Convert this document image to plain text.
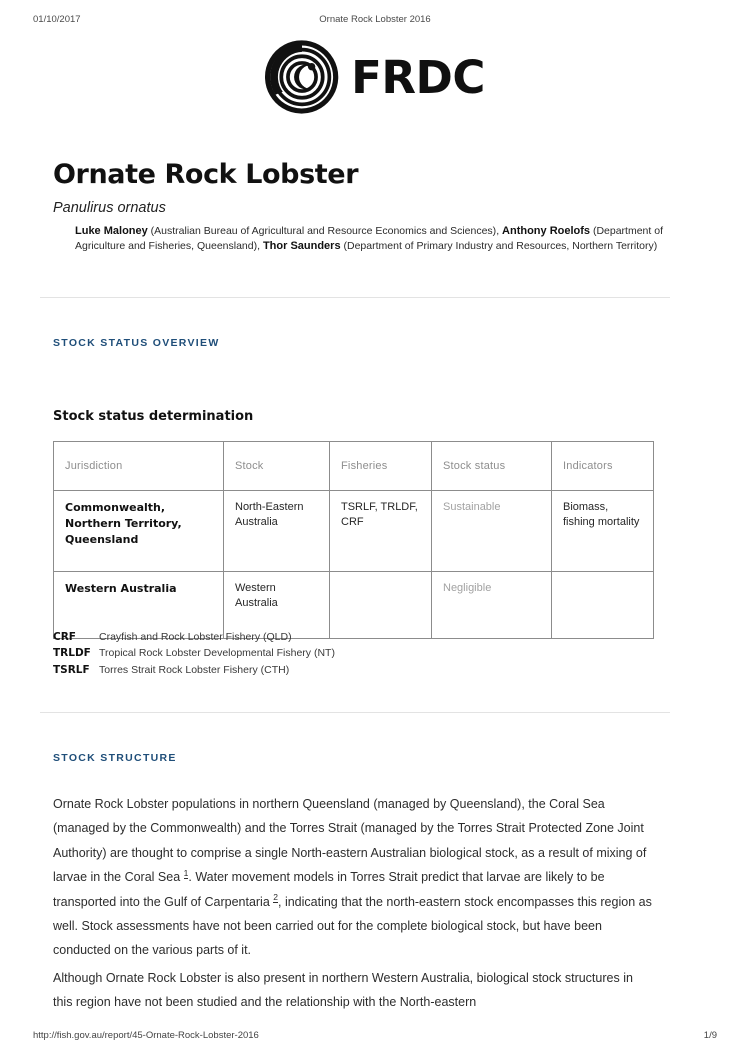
01/10/2017	Ornate Rock Lobster 2016
FRDC
Ornate Rock Lobster
Panulirus ornatus
Luke Maloney (Australian Bureau of Agricultural and Resource Economics and Sciences), Anthony Roelofs (Department of Agriculture and Fisheries, Queensland), Thor Saunders (Department of Primary Industry and Resources, Northern Territory)
STOCK STATUS OVERVIEW
Stock status determination
Jurisdiction	Stock	Fisheries	Stock status	Indicators
Commonwealth, Northern Territory, Queensland	North-Eastern Australia	TSRLF, TRLDF, CRF	Sustainable	Biomass, fishing mortality
Western Australia	Western Australia		Negligible	
CRF Crayfish and Rock Lobster Fishery (QLD)
TRLDF Tropical Rock Lobster Developmental Fishery (NT)
TSRLF Torres Strait Rock Lobster Fishery (CTH)
STOCK STRUCTURE
Ornate Rock Lobster populations in northern Queensland (managed by Queensland), the Coral Sea (managed by the Commonwealth) and the Torres Strait (managed by the Torres Strait Protected Zone Joint Authority) are thought to comprise a single North-eastern Australian biological stock, as a result of mixing of larvae in the Coral Sea $^1$. Water movement models in Torres Strait predict that larvae are likely to be transported into the Gulf of Carpentaria $^2$, indicating that the north-eastern stock encompasses this region as well. Stock assessments have not been carried out for the complete biological stock, but have been conducted on the various parts of it.
Although Ornate Rock Lobster is also present in northern Western Australia, biological stock structures in this region have not been studied and the relationship with the North-eastern
http://fish.gov.au/report/45-Ornate-Rock-Lobster-2016	1/9
